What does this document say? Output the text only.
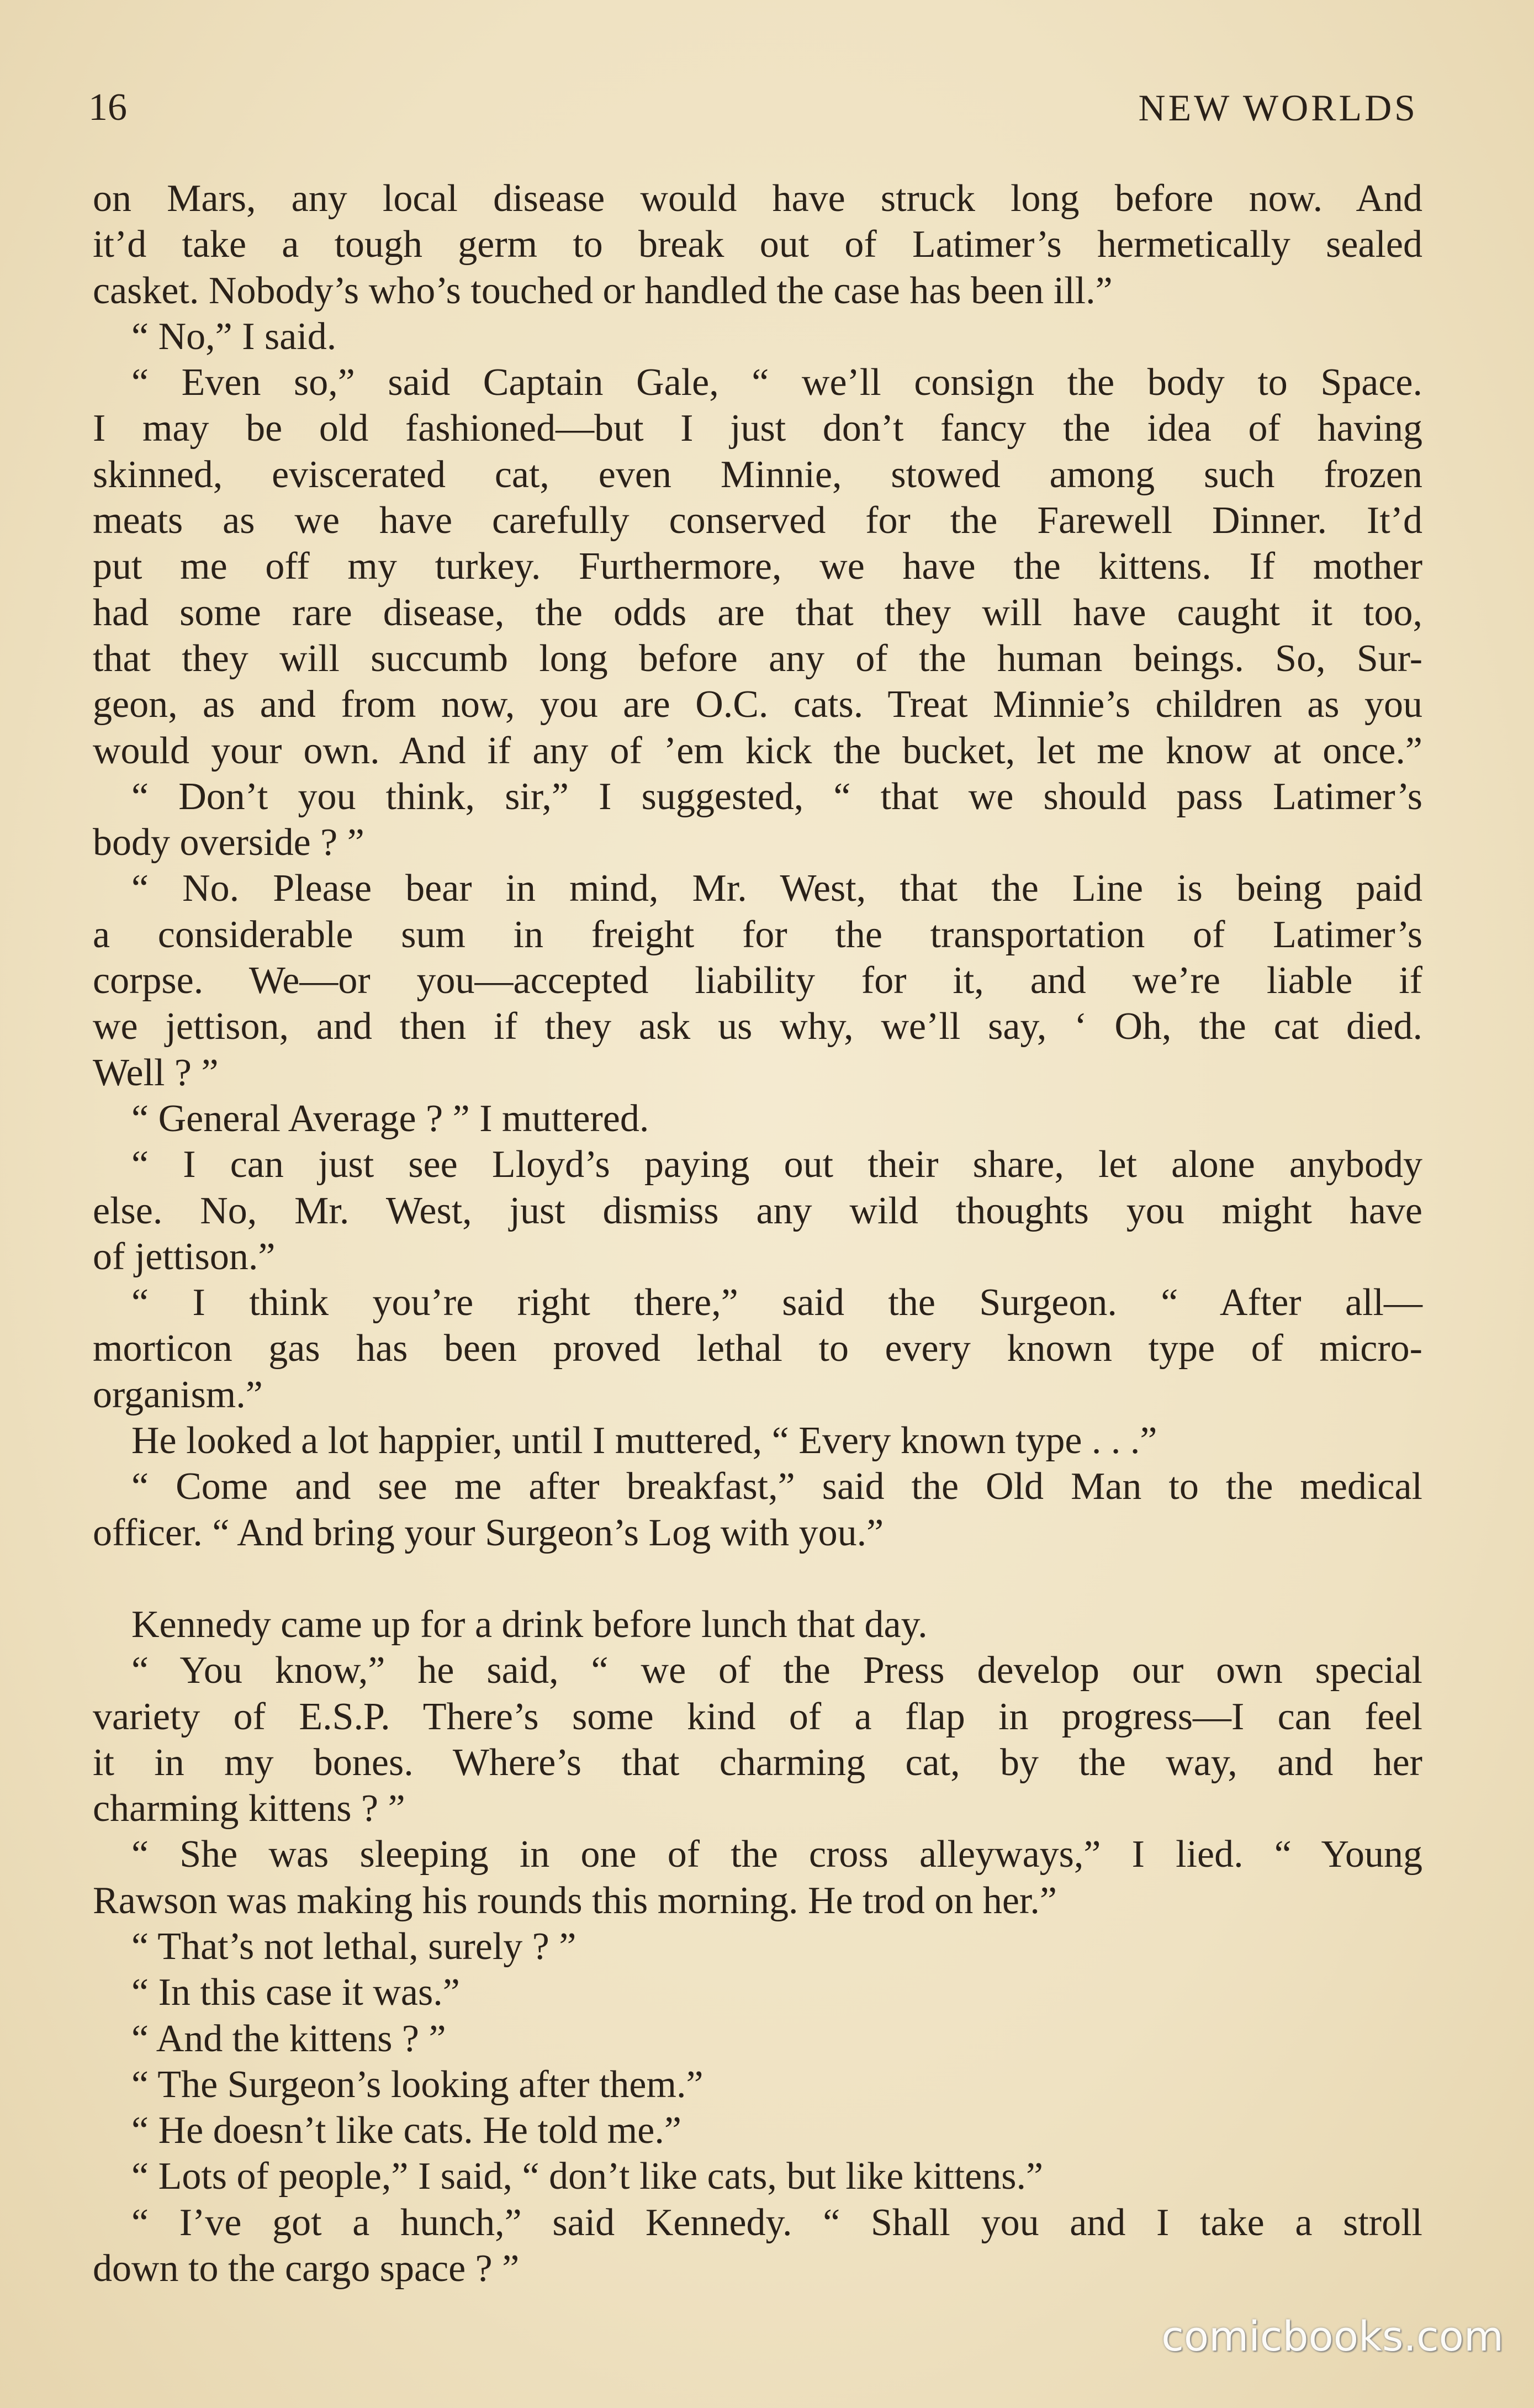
16	NEW WORLDS
on Mars, any local disease would have struck long before now. And
it’d take a tough germ to break out of Latimer’s hermetically sealed
casket. Nobody’s who’s touched or handled the case has been ill.”
“ No,” I said.
“ Even so,” said Captain Gale, “ we’ll consign the body to Space.
I may be old fashioned—but I just don’t fancy the idea of having
skinned, eviscerated cat, even Minnie, stowed among such frozen
meats as we have carefully conserved for the Farewell Dinner. It’d
put me off my turkey. Furthermore, we have the kittens. If mother
had some rare disease, the odds are that they will have caught it too,
that they will succumb long before any of the human beings. So, Sur-
geon, as and from now, you are O.C. cats. Treat Minnie’s children as you
would your own. And if any of ’em kick the bucket, let me know at once.”
“ Don’t you think, sir,” I suggested, “ that we should pass Latimer’s
body overside ? ”
“ No. Please bear in mind, Mr. West, that the Line is being paid
a considerable sum in freight for the transportation of Latimer’s
corpse. We—or you—accepted liability for it, and we’re liable if
we jettison, and then if they ask us why, we’ll say, ‘ Oh, the cat died.
Well ? ”
“ General Average ? ” I muttered.
“ I can just see Lloyd’s paying out their share, let alone anybody
else. No, Mr. West, just dismiss any wild thoughts you might have
of jettison.”
“ I think you’re right there,” said the Surgeon. “ After all—
morticon gas has been proved lethal to every known type of micro-
organism.”
He looked a lot happier, until I muttered, “ Every known type . . .”
“ Come and see me after breakfast,” said the Old Man to the medical
officer. “ And bring your Surgeon’s Log with you.”
Kennedy came up for a drink before lunch that day.
“ You know,” he said, “ we of the Press develop our own special
variety of E.S.P. There’s some kind of a flap in progress—I can feel
it in my bones. Where’s that charming cat, by the way, and her
charming kittens ? ”
“ She was sleeping in one of the cross alleyways,” I lied. “ Young
Rawson was making his rounds this morning. He trod on her.”
“ That’s not lethal, surely ? ”
“ In this case it was.”
“ And the kittens ? ”
“ The Surgeon’s looking after them.”
“ He doesn’t like cats. He told me.”
“ Lots of people,” I said, “ don’t like cats, but like kittens.”
“ I’ve got a hunch,” said Kennedy. “ Shall you and I take a stroll
down to the cargo space ? ”
comicbooks.com
